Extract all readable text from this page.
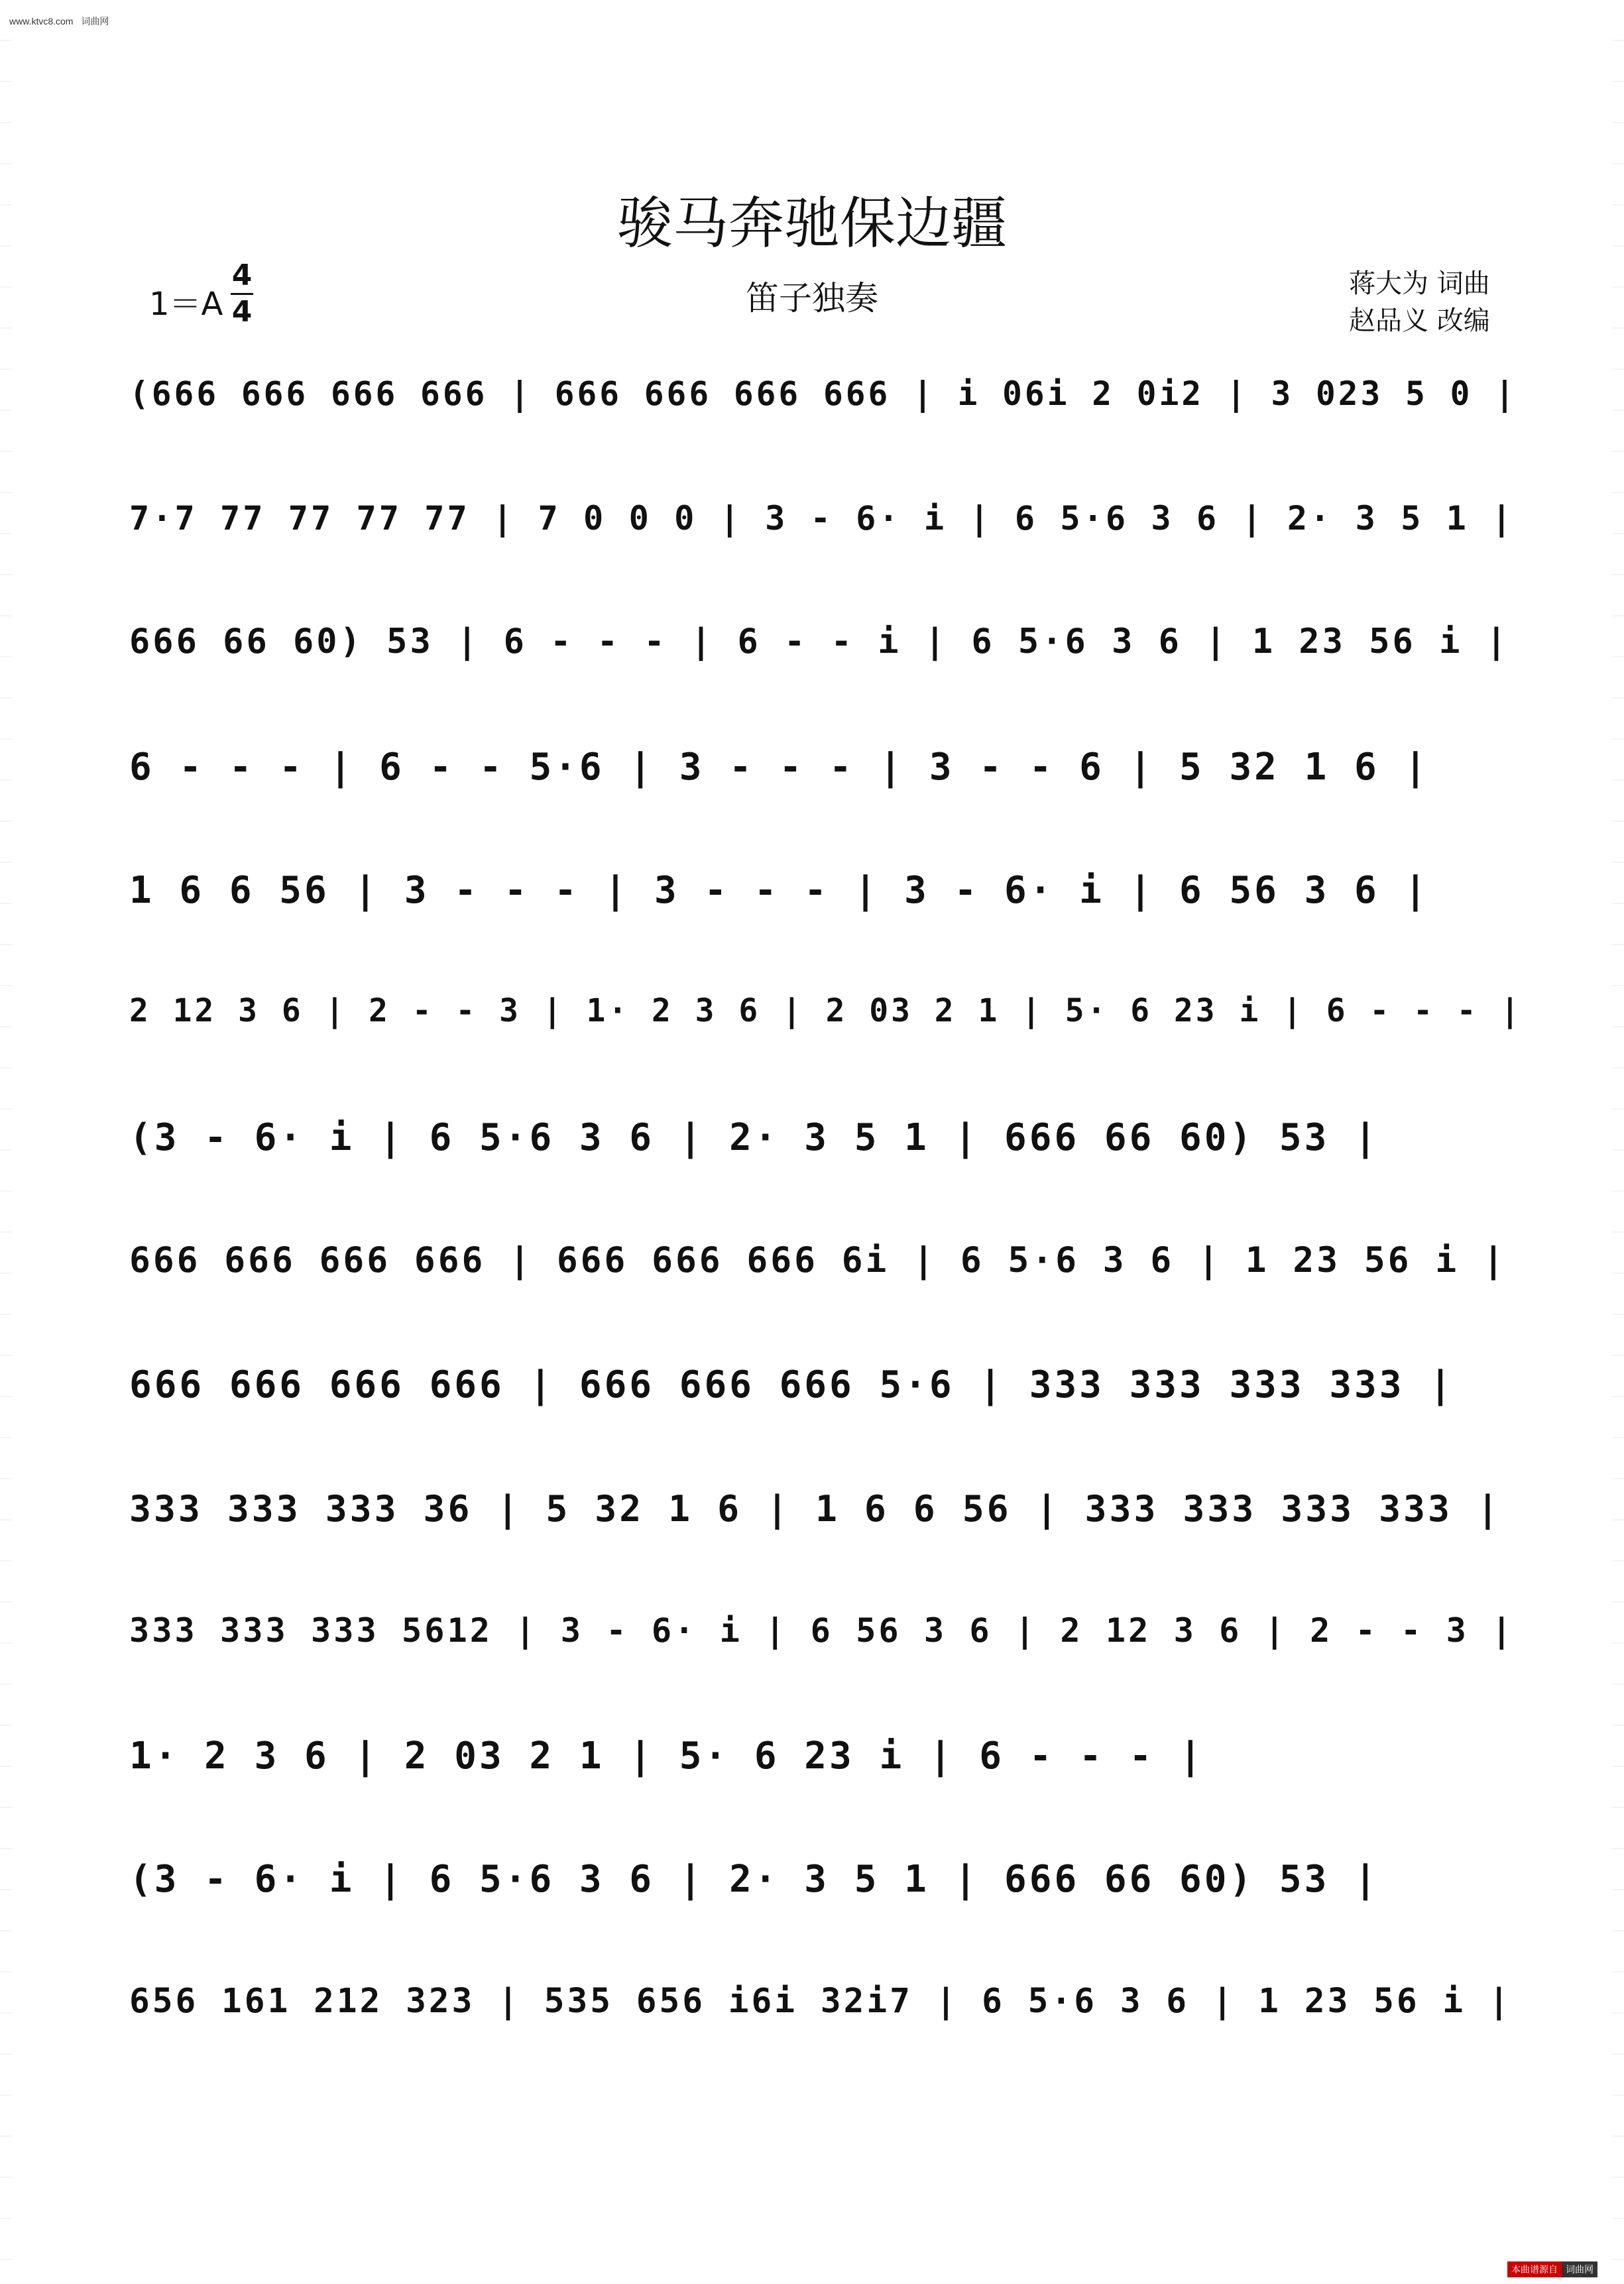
www.ktvc8.com 词曲网
骏马奔驰保边疆
1＝A
4
4	笛子独奏	蒋大为 词曲
赵品义 改编
(666 666 666 666 | 666 666 666 666 | i 06i 2 0i2 | 3 023 5 0 |
7·7 77 77 77 77 | 7 0 0 0 | 3 - 6· i | 6 5·6 3 6 | 2· 3 5 1 |
666 66 60) 53 | 6 - - - | 6 - - i | 6 5·6 3 6 | 1 23 56 i |
6 - - - | 6 - - 5·6 | 3 - - - | 3 - - 6 | 5 32 1 6 |
1 6 6 56 | 3 - - - | 3 - - - | 3 - 6· i | 6 56 3 6 |
2 12 3 6 | 2 - - 3 | 1· 2 3 6 | 2 03 2 1 | 5· 6 23 i | 6 - - - |
(3 - 6· i | 6 5·6 3 6 | 2· 3 5 1 | 666 66 60) 53 |
666 666 666 666 | 666 666 666 6i | 6 5·6 3 6 | 1 23 56 i |
666 666 666 666 | 666 666 666 5·6 | 333 333 333 333 |
333 333 333 36 | 5 32 1 6 | 1 6 6 56 | 333 333 333 333 |
333 333 333 5612 | 3 - 6· i | 6 56 3 6 | 2 12 3 6 | 2 - - 3 |
1· 2 3 6 | 2 03 2 1 | 5· 6 23 i | 6 - - - |
(3 - 6· i | 6 5·6 3 6 | 2· 3 5 1 | 666 66 60) 53 |
656 161 212 323 | 535 656 i6i 32i7 | 6 5·6 3 6 | 1 23 56 i |
本曲谱源自 词曲网
